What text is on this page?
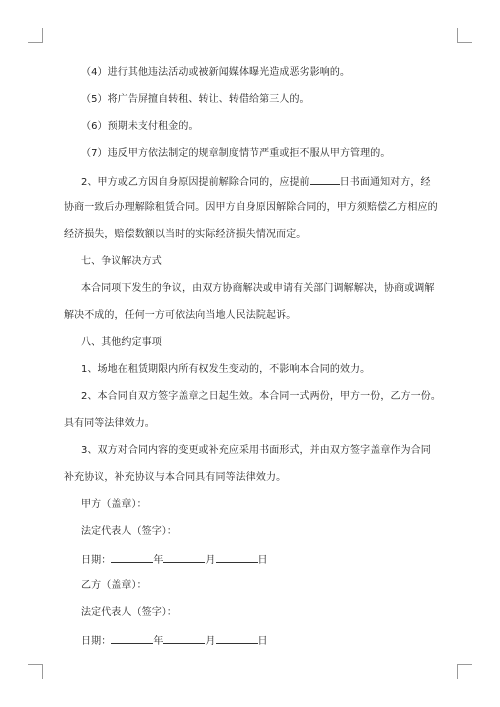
（4）进行其他违法活动或被新闻媒体曝光造成恶劣影响的。
（5）将广告屏擅自转租、转让、转借给第三人的。
（6）预期未支付租金的。
（7）违反甲方依法制定的规章制度情节严重或拒不服从甲方管理的。
2、甲方或乙方因自身原因提前解除合同的，应提前	日书面通知对方，经
协商一致后办理解除租赁合同。因甲方自身原因解除合同的，甲方须赔偿乙方相应的
经济损失，赔偿数额以当时的实际经济损失情况而定。
七、争议解决方式
本合同项下发生的争议，由双方协商解决或申请有关部门调解解决，协商或调解
解决不成的，任何一方可依法向当地人民法院起诉。
八、其他约定事项
1、场地在租赁期限内所有权发生变动的，不影响本合同的效力。
2、本合同自双方签字盖章之日起生效。本合同一式两份，甲方一份，乙方一份。
具有同等法律效力。
3、双方对合同内容的变更或补充应采用书面形式，并由双方签字盖章作为合同
补充协议，补充协议与本合同具有同等法律效力。
甲方（盖章）：
法定代表人（签字）：
日期：	年	月	日
乙方（盖章）：
法定代表人（签字）：
日期：	年	月	日
